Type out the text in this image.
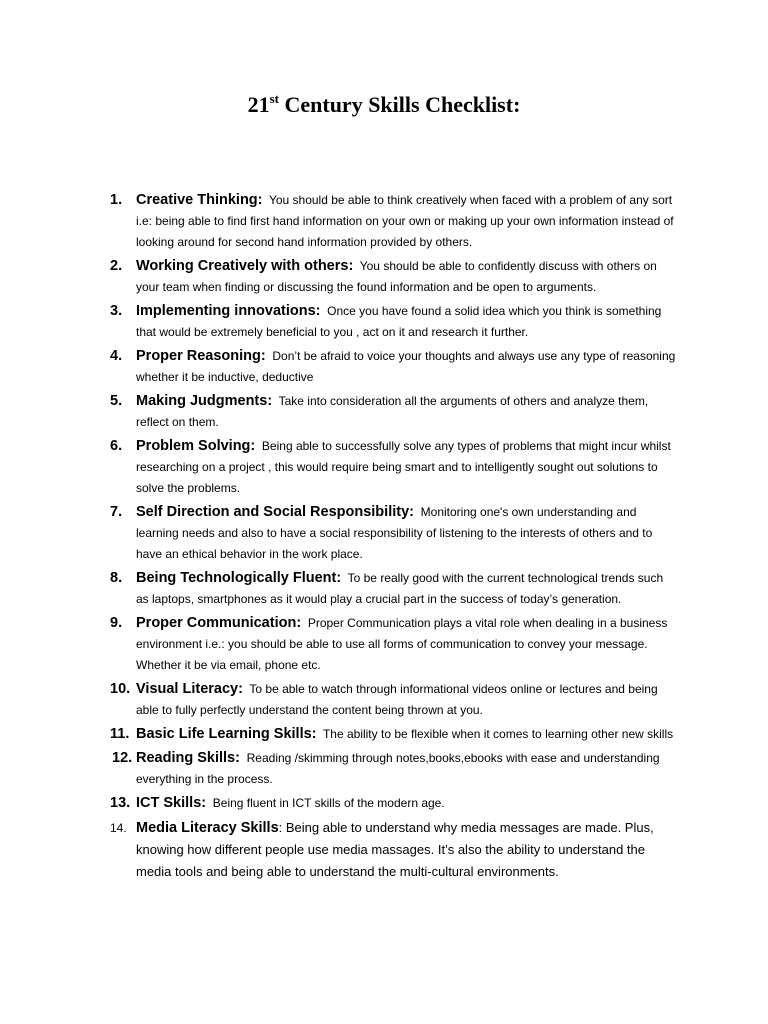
21st Century Skills Checklist:
1. Creative Thinking: You should be able to think creatively when faced with a problem of any sort i.e: being able to find first hand information on your own or making up your own information instead of looking around for second hand information provided by others.
2. Working Creatively with others: You should be able to confidently discuss with others on your team when finding or discussing the found information and be open to arguments.
3. Implementing innovations: Once you have found a solid idea which you think is something that would be extremely beneficial to you , act on it and research it further.
4. Proper Reasoning: Don’t be afraid to voice your thoughts and always use any type of reasoning whether it be inductive, deductive
5. Making Judgments: Take into consideration all the arguments of others and analyze them, reflect on them.
6. Problem Solving: Being able to successfully solve any types of problems that might incur whilst researching on a project , this would require being smart and to intelligently sought out solutions to solve the problems.
7. Self Direction and Social Responsibility: Monitoring one's own understanding and learning needs and also to have a social responsibility of listening to the interests of others and to have an ethical behavior in the work place.
8. Being Technologically Fluent: To be really good with the current technological trends such as laptops, smartphones as it would play a crucial part in the success of today’s generation.
9. Proper Communication: Proper Communication plays a vital role when dealing in a business environment i.e.: you should be able to use all forms of communication to convey your message. Whether it be via email, phone etc.
10. Visual Literacy: To be able to watch through informational videos online or lectures and being able to fully perfectly understand the content being thrown at you.
11. Basic Life Learning Skills: The ability to be flexible when it comes to learning other new skills
12. Reading Skills: Reading /skimming through notes,books,ebooks with ease and understanding everything in the process.
13. ICT Skills: Being fluent in ICT skills of the modern age.
14. Media Literacy Skills: Being able to understand why media messages are made. Plus, knowing how different people use media massages. It’s also the ability to understand the media tools and being able to understand the multi-cultural environments.
